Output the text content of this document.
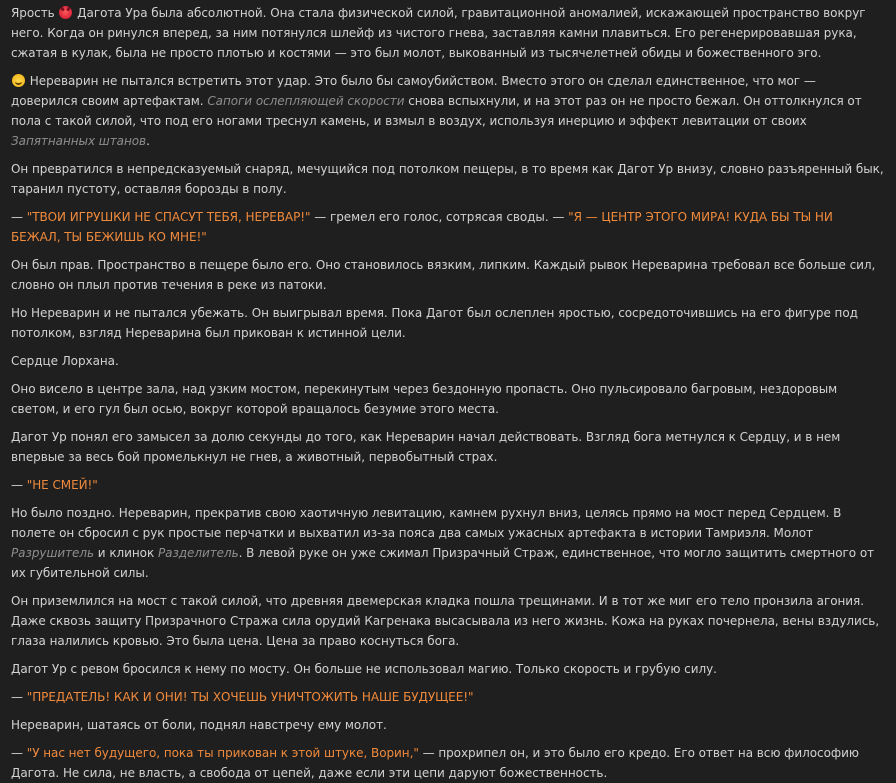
Ярость  Дагота Ура была абсолютной. Она стала физической силой, гравитационной аномалией, искажающей пространство вокруг него. Когда он ринулся вперед, за ним потянулся шлейф из чистого гнева, заставляя камни плавиться. Его регенерировавшая рука, сжатая в кулак, была не просто плотью и костями — это был молот, выкованный из тысячелетней обиды и божественного эго.

Нереварин не пытался встретить этот удар. Это было бы самоубийством. Вместо этого он сделал единственное, что мог — доверился своим артефактам. Сапоги ослепляющей скорости снова вспыхнули, и на этот раз он не просто бежал. Он оттолкнулся от пола с такой силой, что под его ногами треснул камень, и взмыл в воздух, используя инерцию и эффект левитации от своих Запятнанных штанов.

Он превратился в непредсказуемый снаряд, мечущийся под потолком пещеры, в то время как Дагот Ур внизу, словно разъяренный бык, таранил пустоту, оставляя борозды в полу.

— "ТВОИ ИГРУШКИ НЕ СПАСУТ ТЕБЯ, НЕРЕВАР!" — гремел его голос, сотрясая своды. — "Я — ЦЕНТР ЭТОГО МИРА! КУДА БЫ ТЫ НИ БЕЖАЛ, ТЫ БЕЖИШЬ КО МНЕ!"

Он был прав. Пространство в пещере было его. Оно становилось вязким, липким. Каждый рывок Нереварина требовал все больше сил, словно он плыл против течения в реке из патоки.

Но Нереварин и не пытался убежать. Он выигрывал время. Пока Дагот был ослеплен яростью, сосредоточившись на его фигуре под потолком, взгляд Нереварина был прикован к истинной цели.

Сердце Лорхана.

Оно висело в центре зала, над узким мостом, перекинутым через бездонную пропасть. Оно пульсировало багровым, нездоровым светом, и его гул был осью, вокруг которой вращалось безумие этого места.

Дагот Ур понял его замысел за долю секунды до того, как Нереварин начал действовать. Взгляд бога метнулся к Сердцу, и в нем впервые за весь бой промелькнул не гнев, а животный, первобытный страх.

— "НЕ СМЕЙ!"

Но было поздно. Нереварин, прекратив свою хаотичную левитацию, камнем рухнул вниз, целясь прямо на мост перед Сердцем. В полете он сбросил с рук простые перчатки и выхватил из-за пояса два самых ужасных артефакта в истории Тамриэля. Молот Разрушитель и клинок Разделитель. В левой руке он уже сжимал Призрачный Страж, единственное, что могло защитить смертного от их губительной силы.

Он приземлился на мост с такой силой, что древняя двемерская кладка пошла трещинами. И в тот же миг его тело пронзила агония. Даже сквозь защиту Призрачного Стража сила орудий Кагренака высасывала из него жизнь. Кожа на руках почернела, вены вздулись, глаза налились кровью. Это была цена. Цена за право коснуться бога.

Дагот Ур с ревом бросился к нему по мосту. Он больше не использовал магию. Только скорость и грубую силу.

— "ПРЕДАТЕЛЬ! КАК И ОНИ! ТЫ ХОЧЕШЬ УНИЧТОЖИТЬ НАШЕ БУДУЩЕЕ!"

Нереварин, шатаясь от боли, поднял навстречу ему молот.

— "У нас нет будущего, пока ты прикован к этой штуке, Ворин," — прохрипел он, и это было его кредо. Его ответ на всю философию Дагота. Не сила, не власть, а свобода от цепей, даже если эти цепи даруют божественность.
